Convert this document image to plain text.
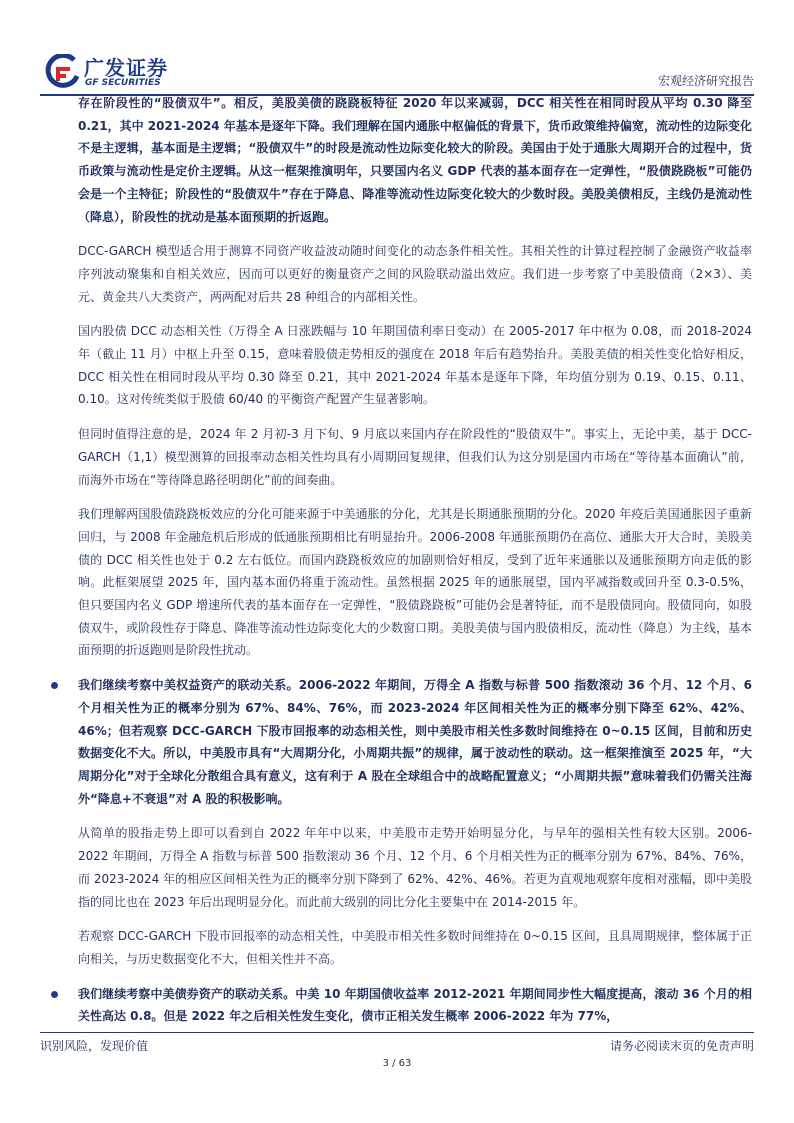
广发证券
GF SECURITIES	宏观经济研究报告

存在阶段性的“股债双牛”。相反，美股美债的跷跷板特征 2020 年以来减弱，DCC 相关性在相同时段从平均 0.30 降至 0.21，其中 2021-2024 年基本是逐年下降。我们理解在国内通胀中枢偏低的背景下，货币政策维持偏宽，流动性的边际变化不是主逻辑，基本面是主逻辑；“股债双牛”的时段是流动性边际变化较大的阶段。美国由于处于通胀大周期开合的过程中，货币政策与流动性是定价主逻辑。从这一框架推演明年，只要国内名义 GDP 代表的基本面存在一定弹性，“股债跷跷板”可能仍会是一个主特征；阶段性的“股债双牛”存在于降息、降准等流动性边际变化较大的少数时段。美股美债相反，主线仍是流动性（降息），阶段性的扰动是基本面预期的折返跑。

DCC-GARCH 模型适合用于测算不同资产收益波动随时间变化的动态条件相关性。其相关性的计算过程控制了金融资产收益率序列波动聚集和自相关效应，因而可以更好的衡量资产之间的风险联动溢出效应。我们进一步考察了中美股债商（2×3）、美元、黄金共八大类资产，两两配对后共 28 种组合的内部相关性。

国内股债 DCC 动态相关性（万得全 A 日涨跌幅与 10 年期国债利率日变动）在 2005-2017 年中枢为 0.08，而 2018-2024 年（截止 11 月）中枢上升至 0.15，意味着股债走势相反的强度在 2018 年后有趋势抬升。美股美债的相关性变化恰好相反，DCC 相关性在相同时段从平均 0.30 降至 0.21，其中 2021-2024 年基本是逐年下降，年均值分别为 0.19、0.15、0.11、0.10。这对传统类似于股债 60/40 的平衡资产配置产生显著影响。

但同时值得注意的是，2024 年 2 月初-3 月下旬、9 月底以来国内存在阶段性的“股债双牛”。事实上，无论中美，基于 DCC-GARCH（1,1）模型测算的回报率动态相关性均具有小周期回复规律，但我们认为这分别是国内市场在“等待基本面确认”前，而海外市场在“等待降息路径明朗化”前的间奏曲。

我们理解两国股债跷跷板效应的分化可能来源于中美通胀的分化，尤其是长期通胀预期的分化。2020 年疫后美国通胀因子重新回归，与 2008 年金融危机后形成的低通胀预期相比有明显抬升。2006-2008 年通胀预期仍在高位、通胀大开大合时，美股美债的 DCC 相关性也处于 0.2 左右低位。而国内跷跷板效应的加剧则恰好相反，受到了近年来通胀以及通胀预期方向走低的影响。此框架展望 2025 年，国内基本面仍将重于流动性。虽然根据 2025 年的通胀展望，国内平减指数或回升至 0.3-0.5%，但只要国内名义 GDP 增速所代表的基本面存在一定弹性，“股债跷跷板”可能仍会是著特征，而不是股债同向。股债同向，如股债双牛，或阶段性存于降息、降准等流动性边际变化大的少数窗口期。美股美债与国内股债相反，流动性（降息）为主线，基本面预期的折返跑则是阶段性扰动。

我们继续考察中美权益资产的联动关系。2006-2022 年期间，万得全 A 指数与标普 500 指数滚动 36 个月、12 个月、6 个月相关性为正的概率分别为 67%、84%、76%，而 2023-2024 年区间相关性为正的概率分别下降至 62%、42%、46%；但若观察 DCC-GARCH 下股市回报率的动态相关性，则中美股市相关性多数时间维持在 0~0.15 区间，目前和历史数据变化不大。所以，中美股市具有“大周期分化，小周期共振”的规律，属于波动性的联动。这一框架推演至 2025 年，“大周期分化”对于全球化分散组合具有意义，这有利于 A 股在全球组合中的战略配置意义；“小周期共振”意味着我们仍需关注海外“降息+不衰退”对 A 股的积极影响。

从简单的股指走势上即可以看到自 2022 年年中以来，中美股市走势开始明显分化，与早年的强相关性有较大区别。2006-2022 年期间，万得全 A 指数与标普 500 指数滚动 36 个月、12 个月、6 个月相关性为正的概率分别为 67%、84%、76%，而 2023-2024 年的相应区间相关性为正的概率分别下降到了 62%、42%、46%。若更为直观地观察年度相对涨幅，即中美股指的同比也在 2023 年后出现明显分化。而此前大级别的同比分化主要集中在 2014-2015 年。

若观察 DCC-GARCH 下股市回报率的动态相关性，中美股市相关性多数时间维持在 0~0.15 区间，且具周期规律，整体属于正向相关，与历史数据变化不大，但相关性并不高。

我们继续考察中美债券资产的联动关系。中美 10 年期国债收益率 2012-2021 年期间同步性大幅度提高，滚动 36 个月的相关性高达 0.8。但是 2022 年之后相关性发生变化，债市正相关发生概率 2006-2022 年为 77%，

识别风险，发现价值	请务必阅读末页的免责声明
3 / 63
